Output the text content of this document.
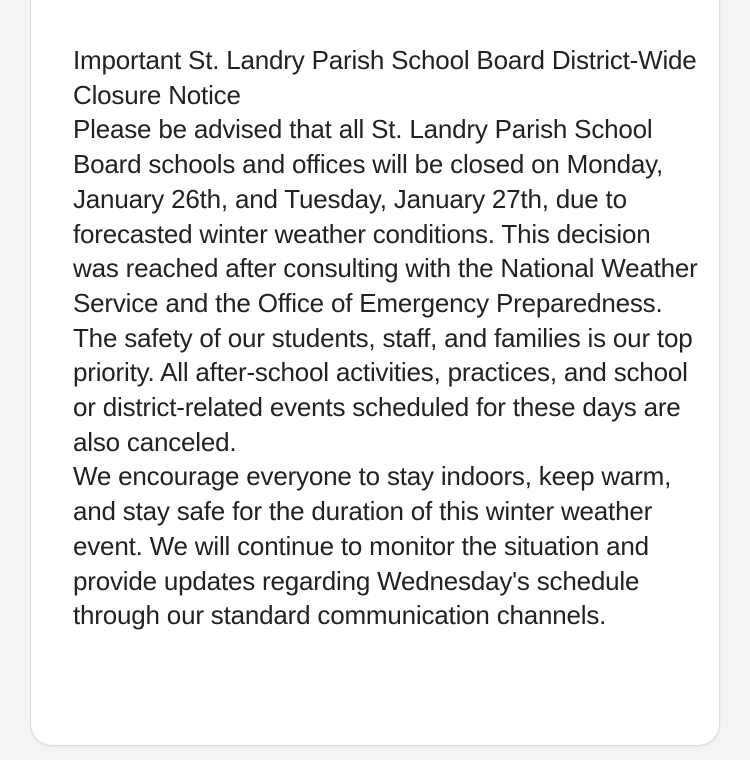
Important St. Landry Parish School Board District-Wide Closure Notice

Please be advised that all St. Landry Parish School Board schools and offices will be closed on Monday, January 26th, and Tuesday, January 27th, due to forecasted winter weather conditions. This decision was reached after consulting with the National Weather Service and the Office of Emergency Preparedness.

The safety of our students, staff, and families is our top priority. All after-school activities, practices, and school or district-related events scheduled for these days are also canceled.

We encourage everyone to stay indoors, keep warm, and stay safe for the duration of this winter weather event. We will continue to monitor the situation and provide updates regarding Wednesday's schedule through our standard communication channels.
